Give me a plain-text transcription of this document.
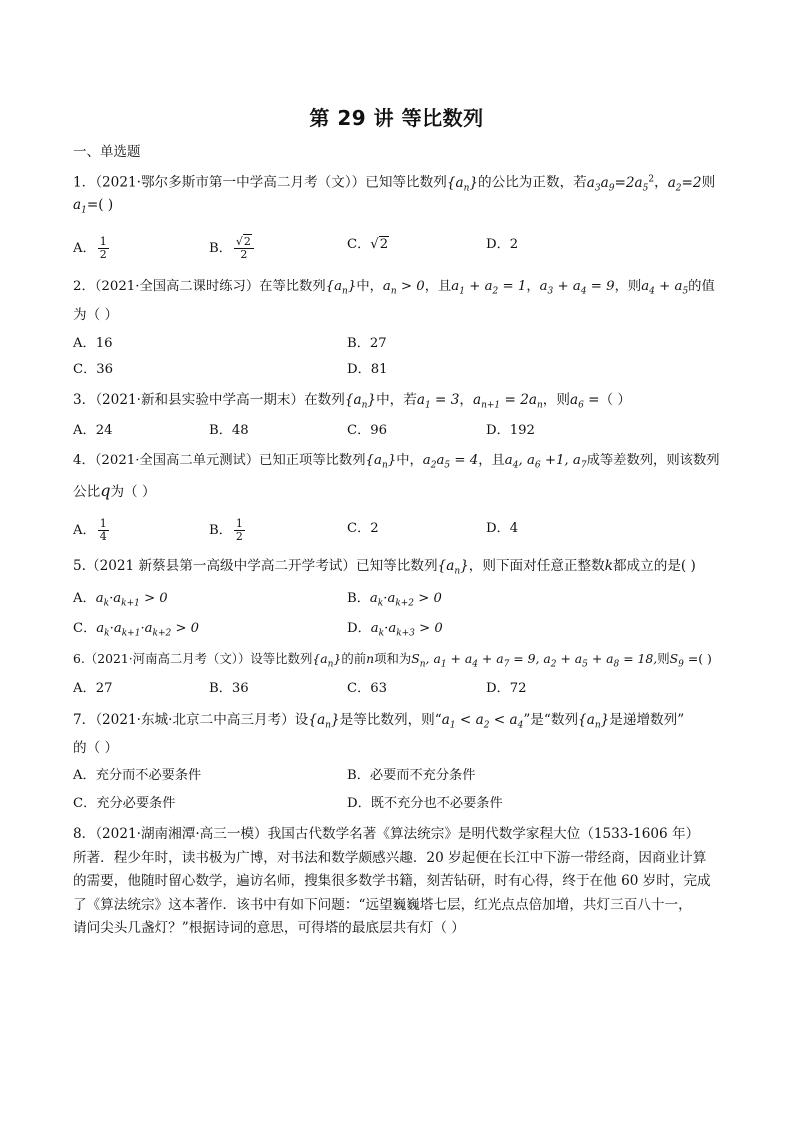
第 29 讲 等比数列
一、单选题
1．（2021·鄂尔多斯市第一中学高二月考（文））已知等比数列$\{a_n\}$的公比为正数，若$a_3a_9=2a_5^2$，$a_2=2$则
$a_1=$( )
A． $\frac{1}{2}$	B． $\frac{√2}{2}$	C．√2	D．2
2．（2021·全国高二课时练习）在等比数列$\{a_n\}$中，$a_n > 0$，且$a_1 + a_2 = 1$，$a_3 + a_4 = 9$，则$a_4 + a_5$的值
为（ ）
A．16	B．27
C．36	D．81
3．（2021·新和县实验中学高一期末）在数列$\{a_n\}$中，若$a_1 = 3$，$a_{n+1} = 2a_n$，则$a_6$ =（ ）
A．24	B．48	C．96	D．192
4．（2021·全国高二单元测试）已知正项等比数列$\{a_n\}$中，$a_2a_5 = 4$，且$a_4$, $a_6 +1$, $a_7$成等差数列，则该数列
公比q为（ ）
A． $\frac{1}{4}$	B． $\frac{1}{2}$	C．2	D．4
5.（2021 新蔡县第一高级中学高二开学考试）已知等比数列$\{a_n\}$，则下面对任意正整数k都成立的是( )
A．$a_k\cdot a_{k+1} > 0$	B．$a_k\cdot a_{k+2} > 0$
C．$a_k\cdot a_{k+1}\cdot a_{k+2} > 0$	D．$a_k\cdot a_{k+3} > 0$
6.（2021·河南高二月考（文））设等比数列$\{a_n\}$的前n项和为$S_n$, $a_1 + a_4 + a_7 = 9$, $a_2 + a_5 + a_8 = 18$,则$S_9$ =( )
A．27	B．36	C．63	D．72
7．（2021·东城·北京二中高三月考）设$\{a_n\}$是等比数列，则“$a_1 < a_2 < a_4$”是“数列$\{a_n\}$是递增数列”
的（ ）
A．充分而不必要条件	B．必要而不充分条件
C．充分必要条件	D．既不充分也不必要条件
8．（2021·湖南湘潭·高三一模）我国古代数学名著《算法统宗》是明代数学家程大位（1533-1606 年）
所著．程少年时，读书极为广博，对书法和数学颇感兴趣．20 岁起便在长江中下游一带经商，因商业计算
的需要，他随时留心数学，遍访名师，搜集很多数学书籍，刻苦钻研，时有心得，终于在他 60 岁时，完成
了《算法统宗》这本著作．该书中有如下问题：“远望巍巍塔七层，红光点点倍加增，共灯三百八十一，
请问尖头几盏灯？”根据诗词的意思，可得塔的最底层共有灯（ ）
